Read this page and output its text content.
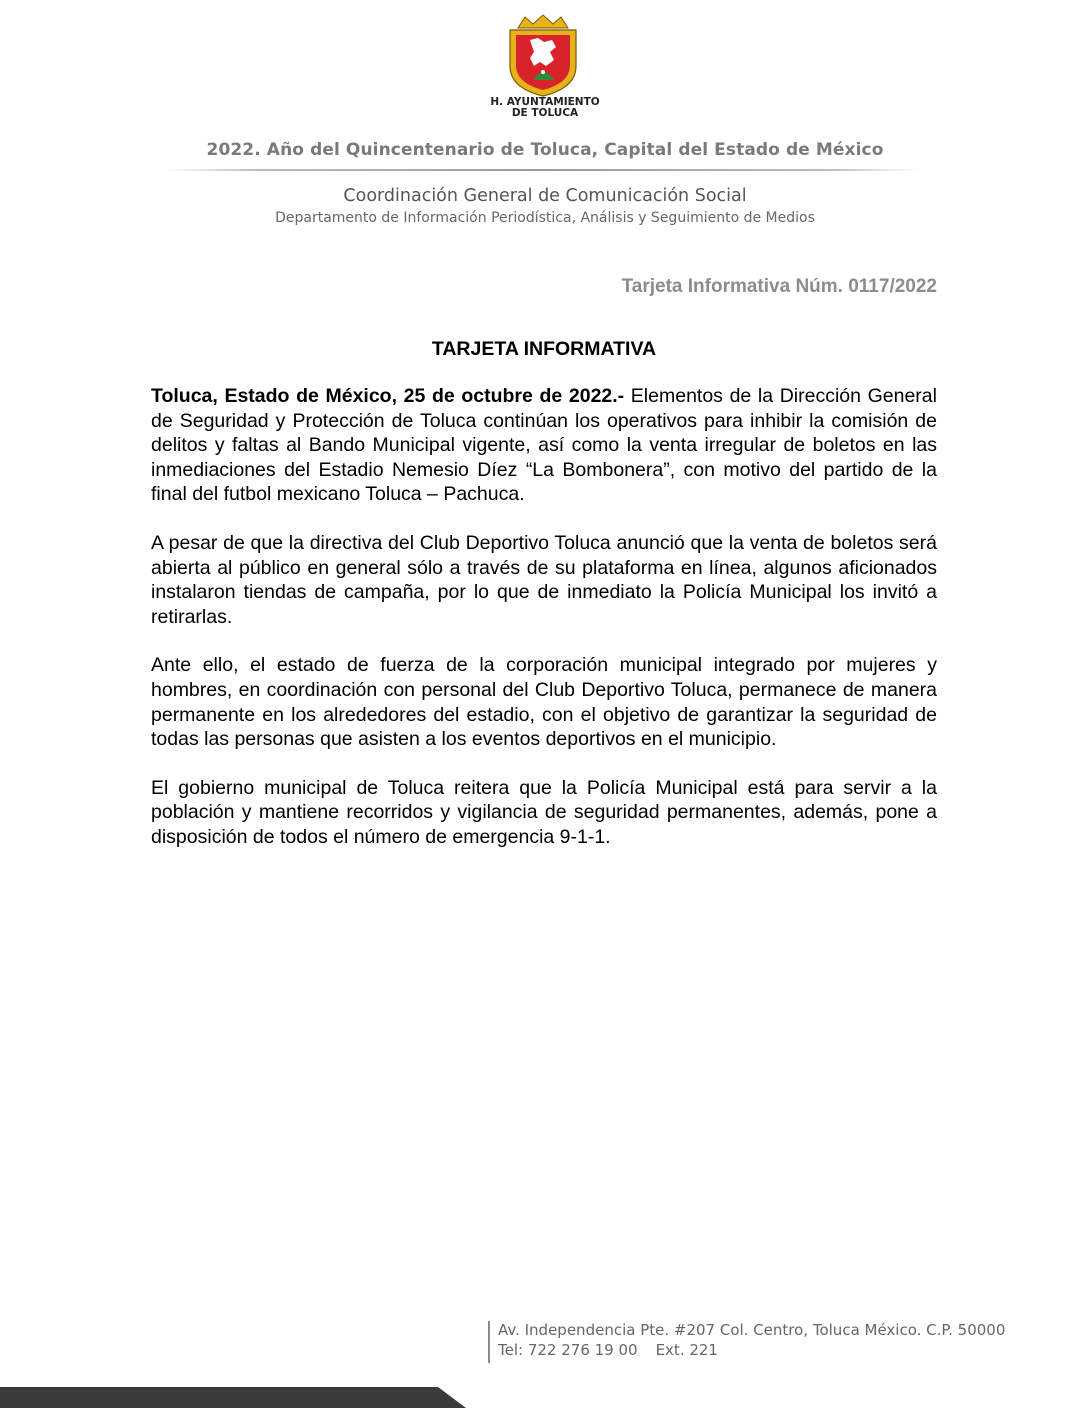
H. AYUNTAMIENTO
DE TOLUCA
2022. Año del Quincentenario de Toluca, Capital del Estado de México
Coordinación General de Comunicación Social
Departamento de Información Periodística, Análisis y Seguimiento de Medios
Tarjeta Informativa Núm. 0117/2022
TARJETA INFORMATIVA

Toluca, Estado de México, 25 de octubre de 2022.- Elementos de la Dirección General de Seguridad y Protección de Toluca continúan los operativos para inhibir la comisión de delitos y faltas al Bando Municipal vigente, así como la venta irregular de boletos en las inmediaciones del Estadio Nemesio Díez “La Bombonera”, con motivo del partido de la final del futbol mexicano Toluca – Pachuca.

A pesar de que la directiva del Club Deportivo Toluca anunció que la venta de boletos será abierta al público en general sólo a través de su plataforma en línea, algunos aficionados instalaron tiendas de campaña, por lo que de inmediato la Policía Municipal los invitó a retirarlas.

Ante ello, el estado de fuerza de la corporación municipal integrado por mujeres y hombres, en coordinación con personal del Club Deportivo Toluca, permanece de manera permanente en los alrededores del estadio, con el objetivo de garantizar la seguridad de todas las personas que asisten a los eventos deportivos en el municipio.

El gobierno municipal de Toluca reitera que la Policía Municipal está para servir a la población y mantiene recorridos y vigilancia de seguridad permanentes, además, pone a disposición de todos el número de emergencia 9-1-1.

Av. Independencia Pte. #207 Col. Centro, Toluca México. C.P. 50000
Tel: 722 276 19 00 Ext. 221
